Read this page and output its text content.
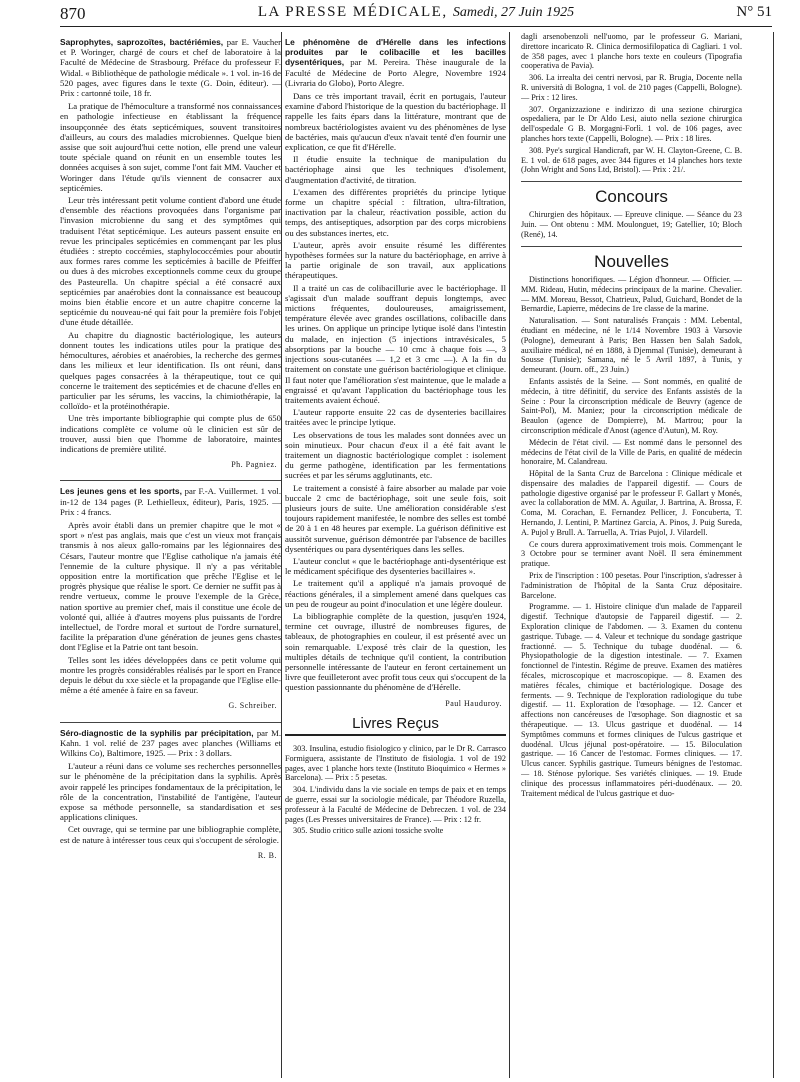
870	LA PRESSE MÉDICALE, Samedi, 27 Juin 1925	N° 51

Saprophytes, saprozoïtes, bactériémies, par E. Vaucher et P. Woringer, chargé de cours et chef de laboratoire à la Faculté de Médecine de Strasbourg. Préface du professeur F. Widal. « Bibliothèque de pathologie médicale ». 1 vol. in-16 de 520 pages, avec figures dans le texte (G. Doin, éditeur). — Prix : cartonné toile, 18 fr.

La pratique de l'hémoculture a transformé nos connaissances en pathologie infectieuse en établissant la fréquence insoupçonnée des états septicémiques, souvent transitoires d'ailleurs, au cours des maladies microbiennes. Quelque bien assise que soit aujourd'hui cette notion, elle prend une valeur toute spéciale quand on réunit en un ensemble toutes les données acquises à son sujet, comme l'ont fait MM. Vaucher et Woringer dans l'étude qu'ils viennent de consacrer aux septicémies.

Leur très intéressant petit volume contient d'abord une étude d'ensemble des réactions provoquées dans l'organisme par l'invasion microbienne du sang et des symptômes qui traduisent l'état septicémique. Les auteurs passent ensuite en revue les principales septicémies en commençant par les plus étudiées : strepto coccémies, staphylococcémies pour aboutir aux formes rares comme les septicémies à bacille de Pfeiffer ou dues à des microbes exceptionnels comme ceux du groupe des Pasteurella. Un chapitre spécial a été consacré aux septicémies par anaérobies dont la connaissance est beaucoup moins bien établie encore et un autre chapitre concerne la septicémie du nouveau-né qui fait pour la première fois l'objet d'une étude détaillée.

Au chapitre du diagnostic bactériologique, les auteurs donnent toutes les indications utiles pour la pratique des hémocultures, aérobies et anaérobies, la recherche des germes dans les milieux et leur identification. Ils ont réuni, dans quelques pages consacrées à la thérapeutique, tout ce qui concerne le traitement des septicémies et de chacune d'elles en particulier par les sérums, les vaccins, la chimiothérapie, la colloïdo- et la protéinothérapie.

Une très importante bibliographie qui compte plus de 650 indications complète ce volume où le clinicien est sûr de trouver, aussi bien que l'homme de laboratoire, maintes indications de première utilité.

Ph. Pagniez.

Les jeunes gens et les sports, par F.-A. Vuillermet. 1 vol. in-12 de 134 pages (P. Lethielleux, éditeur), Paris, 1925. — Prix : 4 francs.

Après avoir établi dans un premier chapitre que le mot « sport » n'est pas anglais, mais que c'est un vieux mot français transmis à nos aïeux gallo-romains par les légionnaires des Césars, l'auteur montre que l'Eglise catholique n'a jamais été l'ennemie de la culture physique. Il n'y a pas véritable opposition entre la mortification que prêche l'Eglise et le progrès physique que réalise le sport. Ce dernier ne suffit pas à rendre vertueux, comme le prouve l'exemple de la Grèce, nation sportive au premier chef, mais il constitue une école de volonté qui, alliée à d'autres moyens plus puissants de l'ordre intellectuel, de l'ordre moral et surtout de l'ordre surnaturel, facilite la préparation d'une génération de jeunes gens chastes dont l'Eglise et la Patrie ont tant besoin.

Telles sont les idées développées dans ce petit volume qui montre les progrès considérables réalisés par le sport en France depuis le début du xxe siècle et la propagande que l'Eglise elle-même a été amenée à faire en sa faveur.

G. Schreiber.

Séro-diagnostic de la syphilis par précipitation, par M. Kahn. 1 vol. relié de 237 pages avec planches (Williams et Wilkins Co), Baltimore, 1925. — Prix : 3 dollars.

L'auteur a réuni dans ce volume ses recherches personnelles sur le phénomène de la précipitation dans la syphilis. Après avoir rappelé les principes fondamentaux de la précipitation, le rôle de la concentration, l'instabilité de l'antigène, l'auteur expose sa méthode personnelle, sa standardisation et ses applications cliniques.

Cet ouvrage, qui se termine par une bibliographie complète, est de nature à intéresser tous ceux qui s'occupent de sérologie.

R. B.

Le phénomène de d'Hérelle dans les infections produites par le colibacille et les bacilles dysentériques, par M. Pereira. Thèse inaugurale de la Faculté de Médecine de Porto Alegre, Novembre 1924 (Livraria do Globo), Porto Alegre.

Dans ce très important travail, écrit en portugais, l'auteur examine d'abord l'historique de la question du bactériophage. Il rappelle les faits épars dans la littérature, montrant que de nombreux bactériologistes avaient vu des phénomènes de lyse de bactéries, mais qu'aucun d'eux n'avait tenté d'en fournir une explication, ce que fit d'Hérelle.

Il étudie ensuite la technique de manipulation du bactériophage ainsi que les techniques d'isolement, d'augmentation d'activité, de titration.

L'examen des différentes propriétés du principe lytique forme un chapitre spécial : filtration, ultra-filtration, inactivation par la chaleur, réactivation possible, action du temps, des antiseptiques, adsorption par des corps microbiens ou des substances inertes, etc.

L'auteur, après avoir ensuite résumé les différentes hypothèses formées sur la nature du bactériophage, en arrive à la partie originale de son travail, aux applications thérapeutiques.

Il a traité un cas de colibacillurie avec le bactériophage. Il s'agissait d'un malade souffrant depuis longtemps, avec mictions fréquentes, douloureuses, amaigrissement, température élevée avec grandes oscillations, colibacille dans les urines. On applique un principe lytique isolé dans l'intestin du malade, en injection (5 injections intravésicales, 5 absorptions par la bouche — 10 cmc à chaque fois —, 3 injections sous-cutanées — 1,2 et 3 cmc —). A la fin du traitement on constate une guérison bactériologique et clinique. Il faut noter que l'amélioration s'est maintenue, que le malade a engraissé et qu'avant l'application du bactériophage tous les traitements avaient échoué.

L'auteur rapporte ensuite 22 cas de dysenteries bacillaires traitées avec le principe lytique.

Les observations de tous les malades sont données avec un soin minutieux. Pour chacun d'eux il a été fait avant le traitement un diagnostic bactériologique complet : isolement du germe pathogène, identification par les fermentations sucrées et par les sérums agglutinants, etc.

Le traitement a consisté à faire absorber au malade par voie buccale 2 cmc de bactériophage, soit une seule fois, soit plusieurs jours de suite. Une amélioration considérable s'est toujours rapidement manifestée, le nombre des selles est tombé de 20 à 1 en 48 heures par exemple. La guérison définitive est aussitôt survenue, guérison démontrée par l'absence de bacilles dysentériques ou para dysentériques dans les selles.

L'auteur conclut « que le bactériophage anti-dysentérique est le médicament spécifique des dysenteries bacillaires ».

Le traitement qu'il a appliqué n'a jamais provoqué de réactions générales, il a simplement amené dans quelques cas un peu de rougeur au point d'inoculation et une légère douleur.

La bibliographie complète de la question, jusqu'en 1924, termine cet ouvrage, illustré de nombreuses figures, de tableaux, de photographies en couleur, il est présenté avec un soin remarquable. L'exposé très clair de la question, les multiples détails de technique qu'il contient, la contribution personnelle intéressante de l'auteur en feront certainement un livre que feuilleteront avec profit tous ceux qui s'occupent de la question passionnante du phénomène de d'Hérelle.

Paul Hauduroy.
Livres Reçus

303. Insulina, estudio fisiologico y clinico, par le Dr R. Carrasco Formiguera, assistante de l'Instituto de fisiologia. 1 vol de 192 pages, avec 1 planche hors texte (Instituto Bioquimico « Hermes » Barcelona). — Prix : 5 pesetas.

304. L'individu dans la vie sociale en temps de paix et en temps de guerre, essai sur la sociologie médicale, par Théodore Ruzella, professeur à la Faculté de Médecine de Debreczen. 1 vol. de 234 pages (Les Presses universitaires de France). — Prix : 12 fr.

305. Studio critico sulle azioni tossiche svolte

dagli arsenobenzoli nell'uomo, par le professeur G. Mariani, direttore incaricato R. Clinica dermosifilopatica di Cagliari. 1 vol. de 358 pages, avec 1 planche hors texte en couleurs (Tipografia cooperativa de Pavia).

306. La irrealta dei centri nervosi, par R. Brugia, Docente nella R. università di Bologna, 1 vol. de 210 pages (Cappelli, Bologne). — Prix : 12 lires.

307. Organizzazione e indirizzo di una sezione chirurgica ospedaliera, par le Dr Aldo Lesi, aiuto nella sezione chirurgica dell'ospedale G B. Morgagni-Forlì. 1 vol. de 106 pages, avec planches hors texte (Cappelli, Bologne). — Prix : 18 lires.

308. Pye's surgical Handicraft, par W. H. Clayton-Greene, C. B. E. 1 vol. de 618 pages, avec 344 figures et 14 planches hors texte (John Wright and Sons Ltd, Bristol). — Prix : 21/.

Concours

Chirurgien des hôpitaux. — Epreuve clinique. — Séance du 23 Juin. — Ont obtenu : MM. Moulonguet, 19; Gatellier, 10; Bloch (René), 14.

Nouvelles

Distinctions honorifiques. — Légion d'honneur. — Officier. — MM. Rideau, Hutin, médecins principaux de la marine. Chevalier. — MM. Moreau, Bessot, Chatrieux, Palud, Guichard, Bondet de la Bernardie, Lapierre, médecins de 1re classe de la marine.

Naturalisation. — Sont naturalisés Français : MM. Lebental, étudiant en médecine, né le 1/14 Novembre 1903 à Varsovie (Pologne), demeurant à Paris; Ben Hassen ben Salah Sadok, auxiliaire médical, né en 1888, à Djemmal (Tunisie), demeurant à Sousse (Tunisie); Samana, né le 5 Avril 1897, à Tunis, y demeurant. (Journ. off., 23 Juin.)

Enfants assistés de la Seine. — Sont nommés, en qualité de médecin, à titre définitif, du service des Enfants assistés de la Seine : Pour la circonscription médicale de Beuvry (agence de Saint-Pol), M. Maniez; pour la circonscription médicale de Beaulon (agence de Dompierre), M. Martrou; pour la circonscription médicale d'Anost (agence d'Autun), M. Roy.

Médecin de l'état civil. — Est nommé dans le personnel des médecins de l'état civil de la Ville de Paris, en qualité de médecin honoraire, M. Calandreau.

Hôpital de la Santa Cruz de Barcelona : Clinique médicale et dispensaire des maladies de l'appareil digestif. — Cours de pathologie digestive organisé par le professeur F. Gallart y Monés, avec la collaboration de MM. A. Aguilar, J. Bartrina, A. Brossa, F. Coma, M. Corachan, E. Fernandez Pellicer, J. Foncuberta, T. Hernando, J. Lentini, P. Martinez Garcia, A. Pinos, J. Puig Sureda, A. Pujol y Brull. A. Tarruella, A. Trias Pujol, J. Vilardell.

Ce cours durera approximativement trois mois. Commençant le 3 Octobre pour se terminer avant Noël. Il sera éminemment pratique.

Prix de l'inscription : 100 pesetas. Pour l'inscription, s'adresser à l'administration de l'hôpital de la Santa Cruz dépositaire. Barcelone.

Programme. — 1. Histoire clinique d'un malade de l'appareil digestif. Technique d'autopsie de l'appareil digestif. — 2. Exploration clinique de l'abdomen. — 3. Examen du contenu gastrique. Tubage. — 4. Valeur et technique du sondage gastrique fractionné. — 5. Technique du tubage duodénal. — 6. Physiopathologie de la digestion intestinale. — 7. Examen fonctionnel de l'intestin. Régime de preuve. Examen des matières fécales, microscopique et macroscopique. — 8. Examen des matières fécales, chimique et bactériologique. Dosage des ferments. — 9. Technique de l'exploration radiologique du tube digestif. — 11. Exploration de l'œsophage. — 12. Cancer et affections non cancéreuses de l'œsophage. Son diagnostic et sa thérapeutique. — 13. Ulcus gastrique et duodénal. — 14 Symptômes communs et formes cliniques de l'ulcus gastrique et duodénal. Ulcus jéjunal post-opératoire. — 15. Biloculation gastrique. — 16 Cancer de l'estomac. Formes cliniques. — 17. Ulcus cancer. Syphilis gastrique. Tumeurs bénignes de l'estomac. — 18. Sténose pylorique. Ses variétés cliniques. — 19. Etude clinique des processus inflammatoires péri-duodénaux. — 20. Traitement médical de l'ulcus gastrique et duo-
